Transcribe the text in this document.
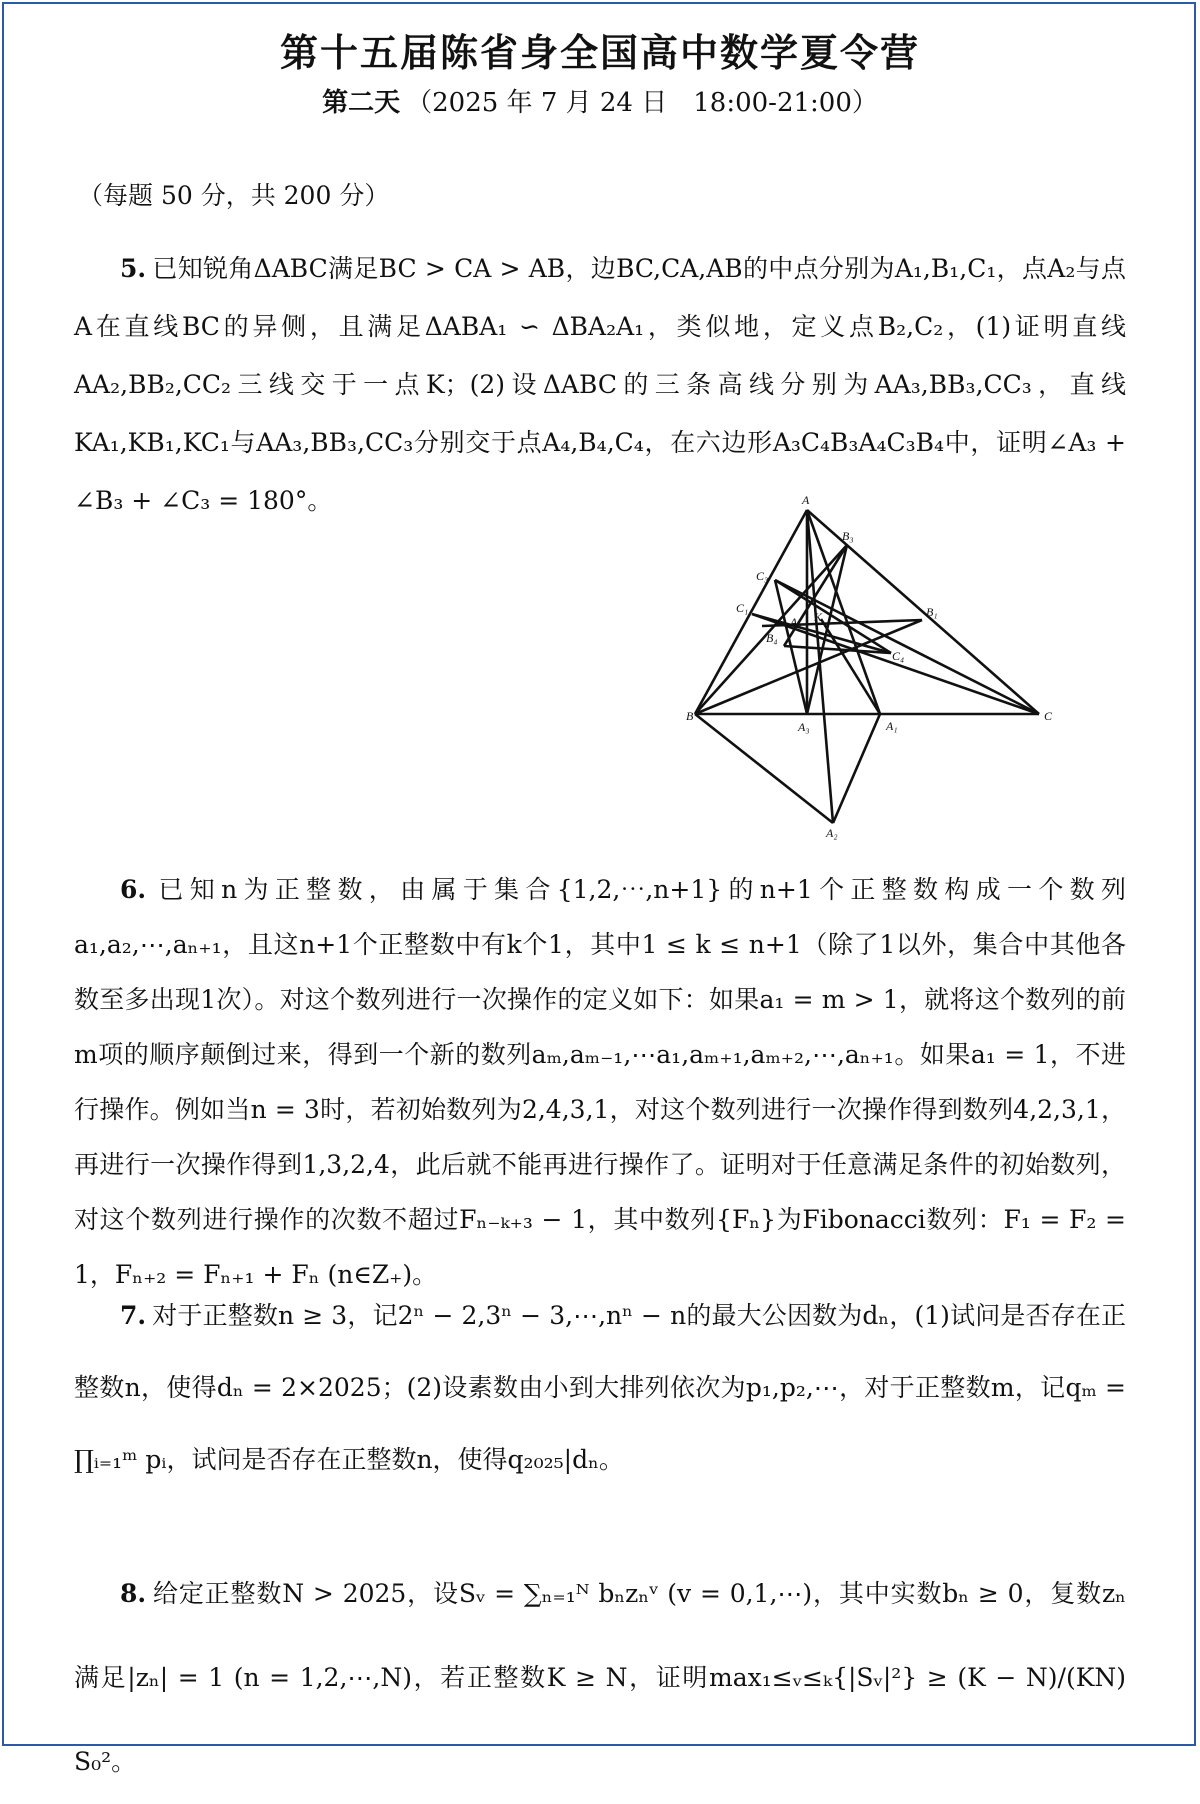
第十五届陈省身全国高中数学夏令营
第二天 （2025 年 7 月 24 日　18:00-21:00）
（每题 50 分，共 200 分）
5. 已知锐角ΔABC满足BC > CA > AB，边BC,CA,AB的中点分别为A₁,B₁,C₁，点A₂与点A在直线BC的异侧，且满足ΔABA₁ ∽ ΔBA₂A₁，类似地，定义点B₂,C₂，(1)证明直线AA₂,BB₂,CC₂三线交于一点K；(2)设ΔABC的三条高线分别为AA₃,BB₃,CC₃，直线KA₁,KB₁,KC₁与AA₃,BB₃,CC₃分别交于点A₄,B₄,C₄，在六边形A₃C₄B₃A₄C₃B₄中，证明∠A₃ + ∠B₃ + ∠C₃ = 180°。	A
B	C
A₁
B₁
C₁
A₂
A₃
B₃
C₃
A₄
B₄
C₄
K
6. 已知n为正整数，由属于集合{1,2,⋯,n+1}的n+1个正整数构成一个数列a₁,a₂,⋯,aₙ₊₁，且这n+1个正整数中有k个1，其中1 ≤ k ≤ n+1（除了1以外，集合中其他各数至多出现1次）。对这个数列进行一次操作的定义如下：如果a₁ = m > 1，就将这个数列的前m项的顺序颠倒过来，得到一个新的数列aₘ,aₘ₋₁,⋯a₁,aₘ₊₁,aₘ₊₂,⋯,aₙ₊₁。如果a₁ = 1，不进行操作。例如当n = 3时，若初始数列为2,4,3,1，对这个数列进行一次操作得到数列4,2,3,1，再进行一次操作得到1,3,2,4，此后就不能再进行操作了。证明对于任意满足条件的初始数列，对这个数列进行操作的次数不超过Fₙ₋ₖ₊₃ − 1，其中数列{Fₙ}为Fibonacci数列：F₁ = F₂ = 1，Fₙ₊₂ = Fₙ₊₁ + Fₙ (n∈Z₊)。
7. 对于正整数n ≥ 3，记2ⁿ − 2,3ⁿ − 3,⋯,nⁿ − n的最大公因数为dₙ，(1)试问是否存在正整数n，使得dₙ = 2×2025；(2)设素数由小到大排列依次为p₁,p₂,⋯，对于正整数m，记qₘ = ∏ᵢ₌₁ᵐ pᵢ，试问是否存在正整数n，使得q₂₀₂₅|dₙ。
8. 给定正整数N > 2025，设Sᵥ = ∑ₙ₌₁ᴺ bₙzₙᵛ (v = 0,1,⋯)，其中实数bₙ ≥ 0，复数zₙ满足|zₙ| = 1 (n = 1,2,⋯,N)，若正整数K ≥ N，证明max₁≤ᵥ≤ₖ{|Sᵥ|²} ≥ (K − N)/(KN) S₀²。
